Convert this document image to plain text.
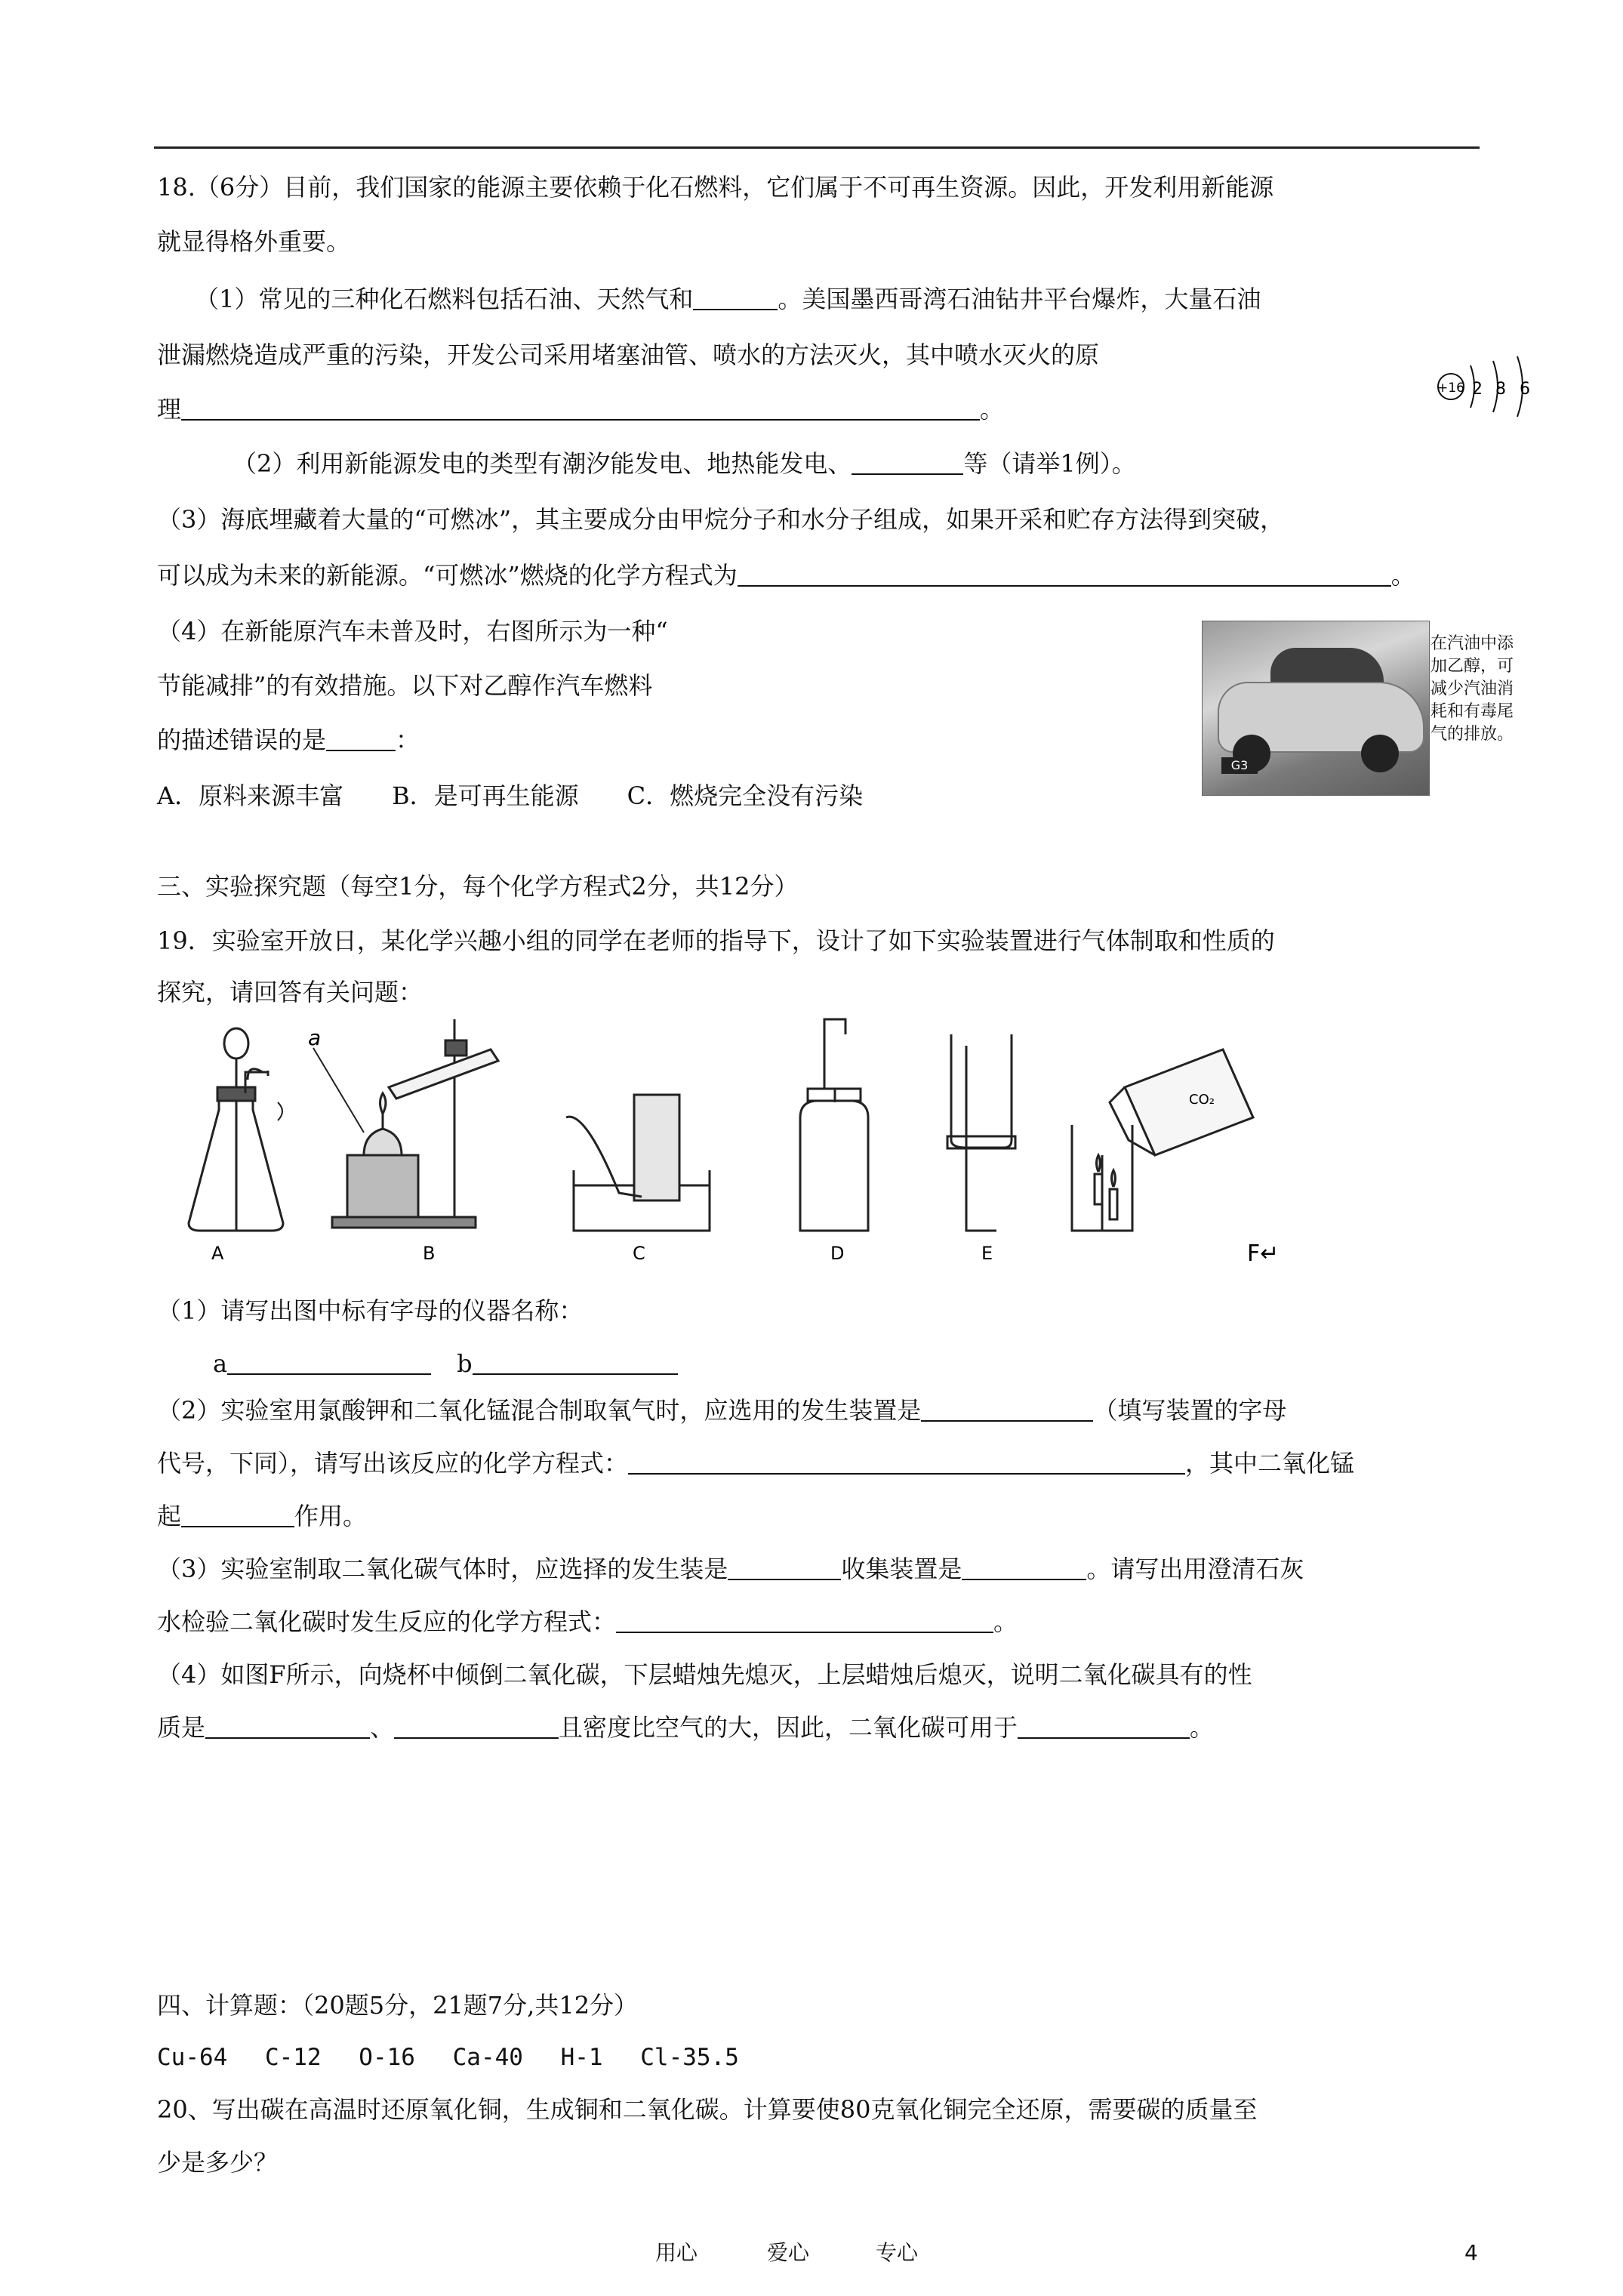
18.（6分）目前，我们国家的能源主要依赖于化石燃料，它们属于不可再生资源。因此，开发利用新能源
就显得格外重要。
（1）常见的三种化石燃料包括石油、天然气和	。美国墨西哥湾石油钻井平台爆炸，大量石油
泄漏燃烧造成严重的污染，开发公司采用堵塞油管、喷水的方法灭火，其中喷水灭火的原
理	。
+16 2 8 6
（2）利用新能源发电的类型有潮汐能发电、地热能发电、	等（请举1例）。
（3）海底埋藏着大量的“可燃冰”，其主要成分由甲烷分子和水分子组成，如果开采和贮存方法得到突破，
可以成为未来的新能源。“可燃冰”燃烧的化学方程式为	。
（4）在新能原汽车未普及时，右图所示为一种“
节能减排”的有效措施。以下对乙醇作汽车燃料
的描述错误的是	：
A．原料来源丰富　　B．是可再生能源　　C．燃烧完全没有污染
G3
在汽油中添加乙醇，可减少汽油消耗和有毒尾气的排放。
三、实验探究题（每空1分，每个化学方程式2分，共12分）
19．实验室开放日，某化学兴趣小组的同学在老师的指导下，设计了如下实验装置进行气体制取和性质的
探究，请回答有关问题：
A
a
B	C	D	E
CO₂
F↵
（1）请写出图中标有字母的仪器名称：
a	b
（2）实验室用氯酸钾和二氧化锰混合制取氧气时，应选用的发生装置是	（填写装置的字母
代号，下同），请写出该反应的化学方程式：	，其中二氧化锰
起	作用。
（3）实验室制取二氧化碳气体时，应选择的发生装是	收集装置是	。请写出用澄清石灰
水检验二氧化碳时发生反应的化学方程式：	。
（4）如图F所示，向烧杯中倾倒二氧化碳，下层蜡烛先熄灭，上层蜡烛后熄灭，说明二氧化碳具有的性
质是	、	且密度比空气的大，因此，二氧化碳可用于	。
四、计算题：（20题5分，21题7分,共12分）
Cu-64　 C-12　 O-16　 Ca-40　 H-1　 Cl-35.5
20、写出碳在高温时还原氧化铜，生成铜和二氧化碳。计算要使80克氧化铜完全还原，需要碳的质量至
少是多少？
用心	爱心	专心	4
